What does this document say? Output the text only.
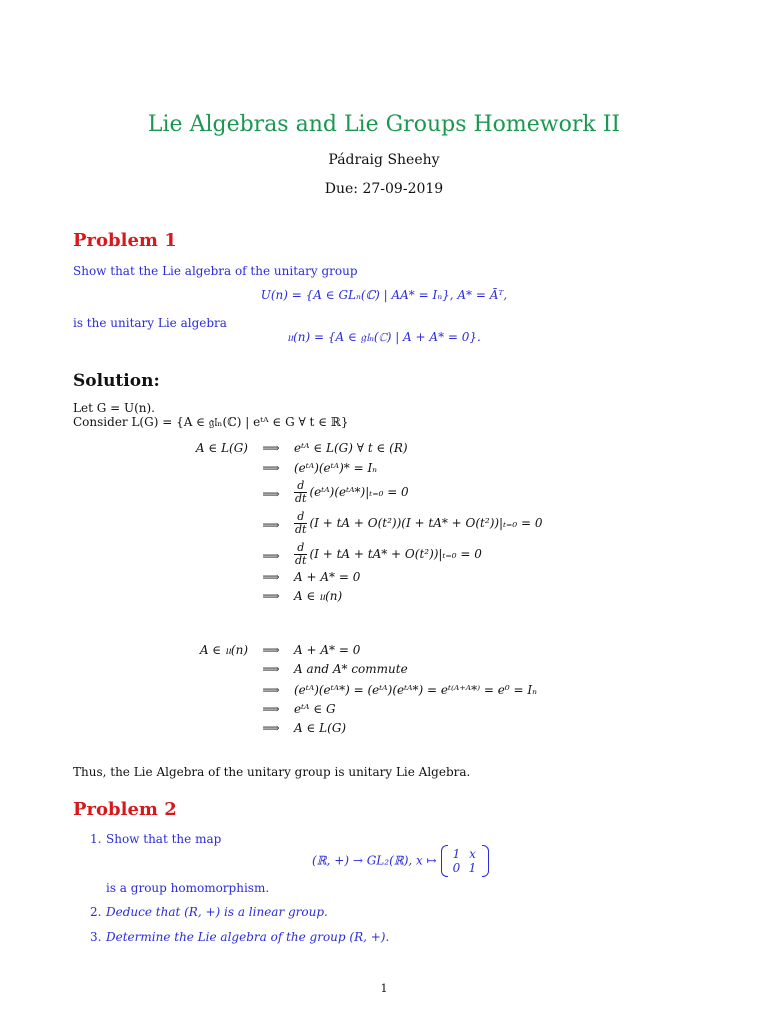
Lie Algebras and Lie Groups Homework II
Pádraig Sheehy
Due: 27-09-2019
Problem 1
Show that the Lie algebra of the unitary group
U(n) = {A ∈ GLₙ(ℂ) | AA* = Iₙ}, A* = Āᵀ,
is the unitary Lie algebra
𝔲(n) = {A ∈ 𝔤𝔩ₙ(ℂ) | A + A* = 0}.
Solution:
Let G = U(n).
Consider L(G) = {A ∈ 𝔤𝔩ₙ(ℂ) | eᵗᴬ ∈ G ∀ t ∈ ℝ}
A ∈ L(G)	⟹	eᵗᴬ ∈ L(G) ∀ t ∈ (R)
⟹	(eᵗᴬ)(eᵗᴬ)* = Iₙ
⟹	$\frac{d}{dt}$ (eᵗᴬ)(eᵗᴬ*)|ₜ₌₀ = 0
⟹	$\frac{d}{dt} (I$ + tA + O(t²))(I + tA* + O(t²))|ₜ₌₀ = 0
⟹	$\frac{d}{dt} (I$ + tA + tA* + O(t²))|ₜ₌₀ = 0
⟹	A + A* = 0
⟹	A ∈ 𝔲(n)
A ∈ 𝔲(n)	⟹	A + A* = 0
⟹	A and A* commute
⟹	(eᵗᴬ)(eᵗᴬ*) = (eᵗᴬ)(eᵗᴬ*) = eᵗ⁽ᴬ⁺ᴬ*⁾ = e⁰ = Iₙ
⟹	eᵗᴬ ∈ G
⟹	A ∈ L(G)
Thus, the Lie Algebra of the unitary group is unitary Lie Algebra.
Problem 2
1. Show that the map
(ℝ, +) → GL₂(ℝ), x ↦	1 x
0 1
is a group homomorphism.
2. Deduce that (R, +) is a linear group.
3. Determine the Lie algebra of the group (R, +).
1
